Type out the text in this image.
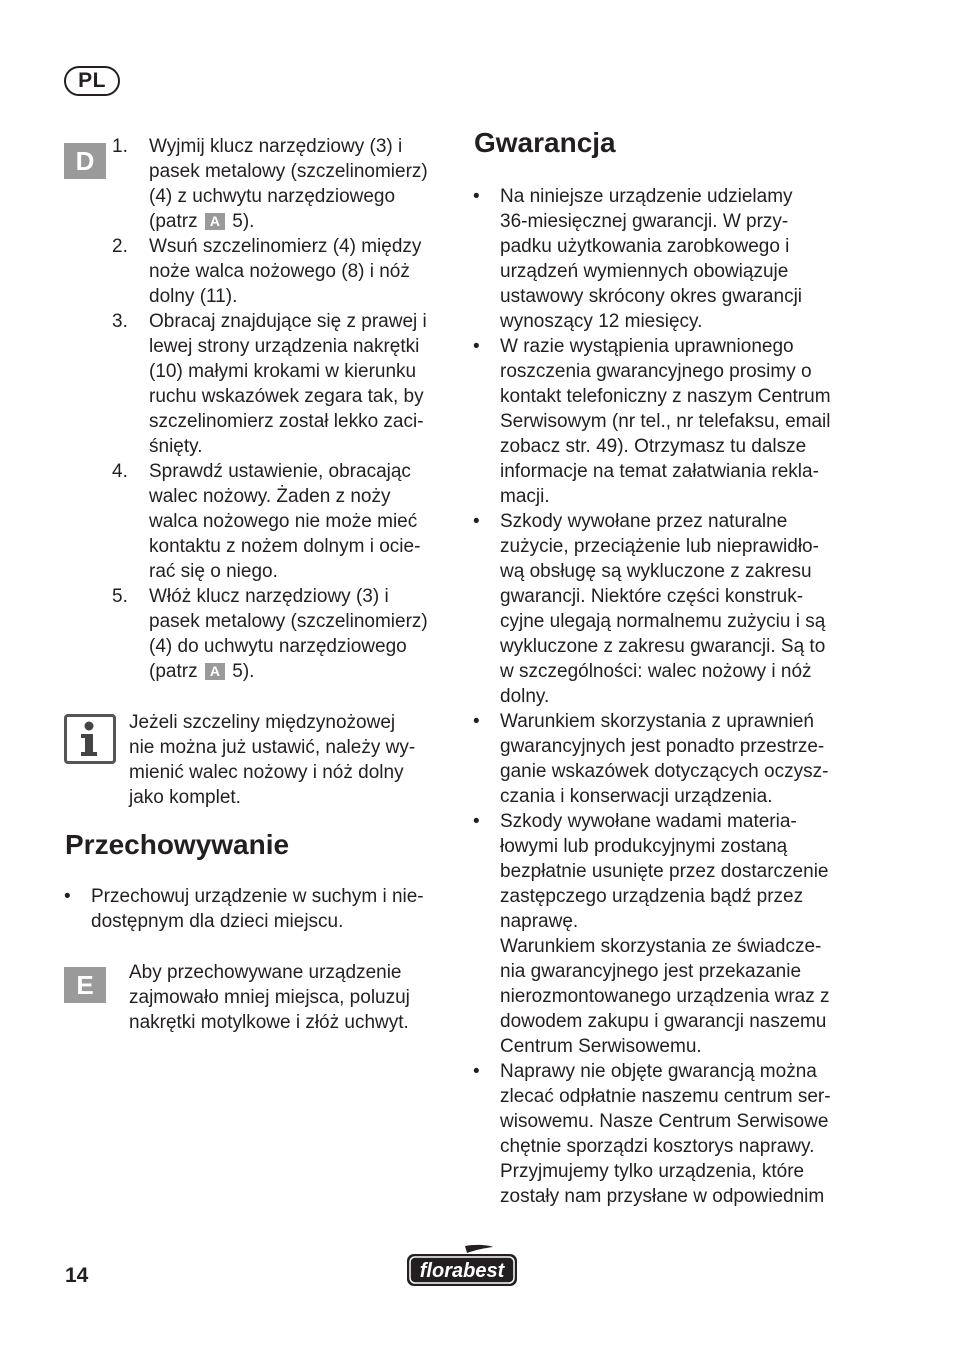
PL
D 1.	Wyjmij klucz narzędziowy (3) i
pasek metalowy (szczelinomierz)
(4) z uchwytu narzędziowego
(patrz A 5).
2.	Wsuń szczelinomierz (4) między
noże walca nożowego (8) i nóż
dolny (11).
3.	Obracaj znajdujące się z prawej i
lewej strony urządzenia nakrętki
(10) małymi krokami w kierunku
ruchu wskazówek zegara tak, by
szczelinomierz został lekko zaci-
śnięty.
4.	Sprawdź ustawienie, obracając
walec nożowy. Żaden z noży
walca nożowego nie może mieć
kontaktu z nożem dolnym i ocie-
rać się o niego.
5.	Włóż klucz narzędziowy (3) i
pasek metalowy (szczelinomierz)
(4) do uchwytu narzędziowego
(patrz A 5).
Jeżeli szczeliny międzynożowej
nie można już ustawić, należy wy-
mienić walec nożowy i nóż dolny
jako komplet.
Przechowywanie
•	Przechowuj urządzenie w suchym i nie-
dostępnym dla dzieci miejscu.
E	Aby przechowywane urządzenie
zajmowało mniej miejsca, poluzuj
nakrętki motylkowe i złóż uchwyt.
Gwarancja
•	Na niniejsze urządzenie udzielamy
36-miesięcznej gwarancji. W przy-
padku użytkowania zarobkowego i
urządzeń wymiennych obowiązuje
ustawowy skrócony okres gwarancji
wynoszący 12 miesięcy.
•	W razie wystąpienia uprawnionego
roszczenia gwarancyjnego prosimy o
kontakt telefoniczny z naszym Centrum
Serwisowym (nr tel., nr telefaksu, email
zobacz str. 49). Otrzymasz tu dalsze
informacje na temat załatwiania rekla-
macji.
•	Szkody wywołane przez naturalne
zużycie, przeciążenie lub nieprawidło-
wą obsługę są wykluczone z zakresu
gwarancji. Niektóre części konstruk-
cyjne ulegają normalnemu zużyciu i są
wykluczone z zakresu gwarancji. Są to
w szczególności: walec nożowy i nóż
dolny.
•	Warunkiem skorzystania z uprawnień
gwarancyjnych jest ponadto przestrze-
ganie wskazówek dotyczących oczysz-
czania i konserwacji urządzenia.
•	Szkody wywołane wadami materia-
łowymi lub produkcyjnymi zostaną
bezpłatnie usunięte przez dostarczenie
zastępczego urządzenia bądź przez
naprawę.
Warunkiem skorzystania ze świadcze-
nia gwarancyjnego jest przekazanie
nierozmontowanego urządzenia wraz z
dowodem zakupu i gwarancji naszemu
Centrum Serwisowemu.
•	Naprawy nie objęte gwarancją można
zlecać odpłatnie naszemu centrum ser-
wisowemu. Nasze Centrum Serwisowe
chętnie sporządzi kosztorys naprawy.
Przyjmujemy tylko urządzenia, które
zostały nam przysłane w odpowiednim
14	florabest
